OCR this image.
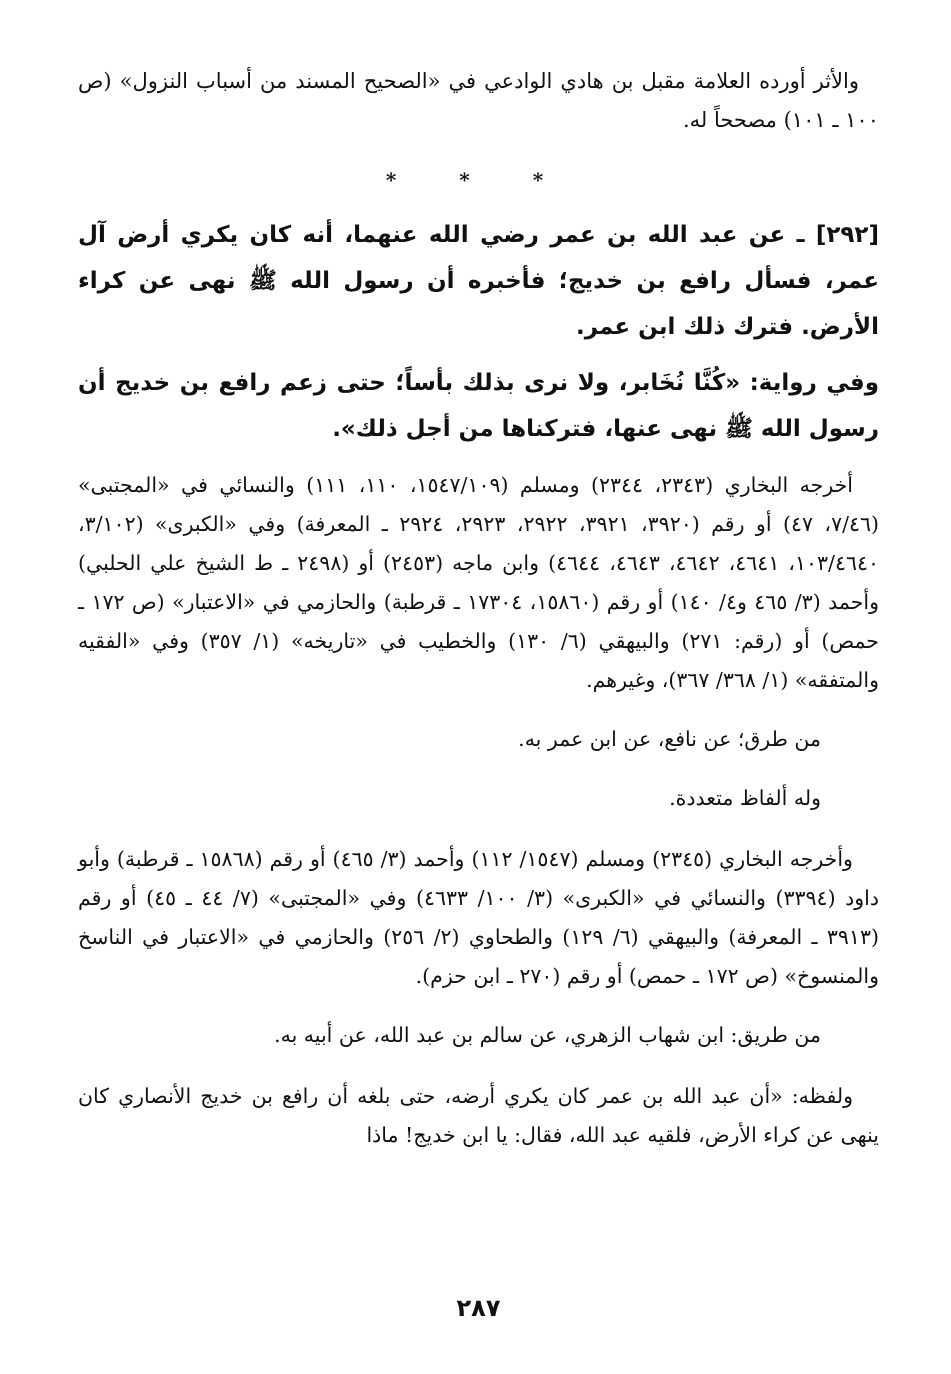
والأثر أورده العلامة مقبل بن هادي الوادعي في «الصحيح المسند من أسباب النزول» (ص ١٠٠ ـ ١٠١) مصححاً له.

* * *

[٢٩٢] ـ عن عبد الله بن عمر رضي الله عنهما، أنه كان يكري أرض آل عمر، فسأل رافع بن خديج؛ فأخبره أن رسول الله ﷺ نهى عن كراء الأرض. فترك ذلك ابن عمر.

وفي رواية: «كُنَّا نُخَابر، ولا نرى بذلك بأساً؛ حتى زعم رافع بن خديج أن رسول الله ﷺ نهى عنها، فتركناها من أجل ذلك».

أخرجه البخاري (٢٣٤٣، ٢٣٤٤) ومسلم (١٥٤٧/١٠٩، ١١٠، ١١١) والنسائي في «المجتبى» (٧/٤٦، ٤٧) أو رقم (٣٩٢٠، ٣٩٢١، ٢٩٢٢، ٢٩٢٣، ٢٩٢٤ ـ المعرفة) وفي «الكبرى» (٣/١٠٢، ١٠٣/٤٦٤٠، ٤٦٤١، ٤٦٤٢، ٤٦٤٣، ٤٦٤٤) وابن ماجه (٢٤٥٣) أو (٢٤٩٨ ـ ط الشيخ علي الحلبي) وأحمد (٣/ ٤٦٥ و٤/ ١٤٠) أو رقم (١٥٨٦٠، ١٧٣٠٤ ـ قرطبة) والحازمي في «الاعتبار» (ص ١٧٢ ـ حمص) أو (رقم: ٢٧١) والبيهقي (٦/ ١٣٠) والخطيب في «تاريخه» (١/ ٣٥٧) وفي «الفقيه والمتفقه» (١/ ٣٦٨/ ٣٦٧)، وغيرهم.

من طرق؛ عن نافع، عن ابن عمر به.

وله ألفاظ متعددة.

وأخرجه البخاري (٢٣٤٥) ومسلم (١٥٤٧/ ١١٢) وأحمد (٣/ ٤٦٥) أو رقم (١٥٨٦٨ ـ قرطبة) وأبو داود (٣٣٩٤) والنسائي في «الكبرى» (٣/ ١٠٠/ ٤٦٣٣) وفي «المجتبى» (٧/ ٤٤ ـ ٤٥) أو رقم (٣٩١٣ ـ المعرفة) والبيهقي (٦/ ١٢٩) والطحاوي (٢/ ٢٥٦) والحازمي في «الاعتبار في الناسخ والمنسوخ» (ص ١٧٢ ـ حمص) أو رقم (٢٧٠ ـ ابن حزم).

من طريق: ابن شهاب الزهري، عن سالم بن عبد الله، عن أبيه به.

ولفظه: «أن عبد الله بن عمر كان يكري أرضه، حتى بلغه أن رافع بن خديج الأنصاري كان ينهى عن كراء الأرض، فلقيه عبد الله، فقال: يا ابن خديج! ماذا

٢٨٧
